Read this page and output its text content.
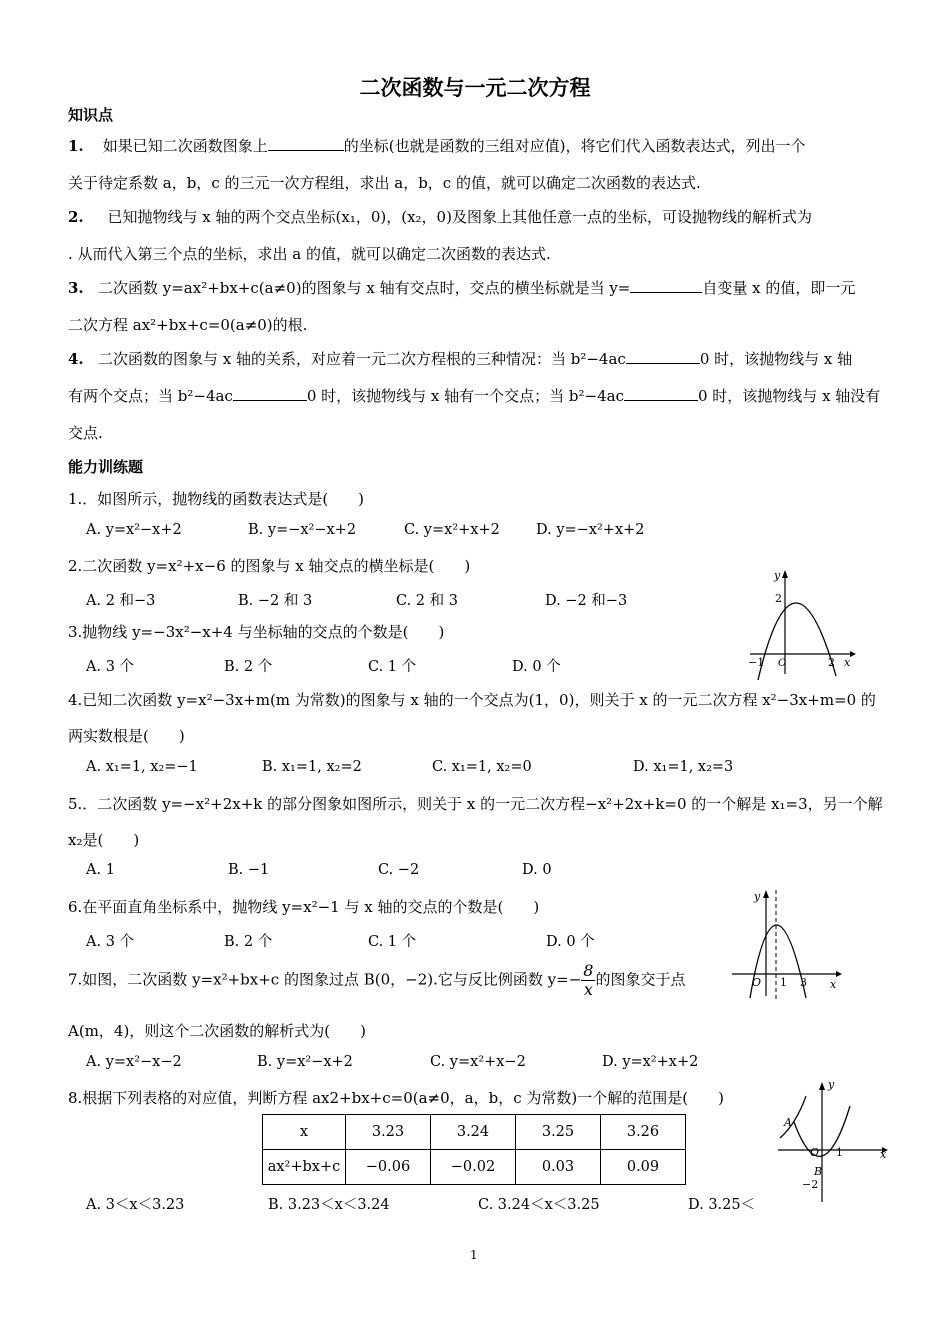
二次函数与一元二次方程
知识点
1. 如果已知二次函数图象上	的坐标(也就是函数的三组对应值)，将它们代入函数表达式，列出一个
关于待定系数 a，b，c 的三元一次方程组，求出 a，b，c 的值，就可以确定二次函数的表达式.
2. 已知抛物线与 x 轴的两个交点坐标(x₁，0)，(x₂，0)及图象上其他任意一点的坐标，可设抛物线的解析式为
. 从而代入第三个点的坐标，求出 a 的值，就可以确定二次函数的表达式.
3. 二次函数 y=ax²+bx+c(a≠0)的图象与 x 轴有交点时，交点的横坐标就是当 y=	自变量 x 的值，即一元
二次方程 ax²+bx+c=0(a≠0)的根.
4. 二次函数的图象与 x 轴的关系，对应着一元二次方程根的三种情况：当 b²−4ac	0 时，该抛物线与 x 轴
有两个交点；当 b²−4ac	0 时，该抛物线与 x 轴有一个交点；当 b²−4ac	0 时，该抛物线与 x 轴没有
交点.
能力训练题
1.．如图所示，抛物线的函数表达式是(　　)
A. y=x²−x+2	B. y=−x²−x+2	C. y=x²+x+2 D. y=−x²+x+2
2.二次函数 y=x²+x−6 的图象与 x 轴交点的横坐标是(　　)
A. 2 和−3	B. −2 和 3	C. 2 和 3	D. −2 和−3
3.抛物线 y=−3x²−x+4 与坐标轴的交点的个数是(　　)
A. 3 个	B. 2 个	C. 1 个	D. 0 个
y
2
−1 O	2 x
4.已知二次函数 y=x²−3x+m(m 为常数)的图象与 x 轴的一个交点为(1，0)，则关于 x 的一元二次方程 x²−3x+m=0 的
两实数根是(　　)
A. x₁=1, x₂=−1	B. x₁=1, x₂=2	C. x₁=1, x₂=0	D. x₁=1, x₂=3
5.．二次函数 y=−x²+2x+k 的部分图象如图所示，则关于 x 的一元二次方程−x²+2x+k=0 的一个解是 x₁=3，另一个解
x₂是(　　)
A. 1	B. −1	C. −2	D. 0
6.在平面直角坐标系中，抛物线 y=x²−1 与 x 轴的交点的个数是(　　)
A. 3 个	B. 2 个	C. 1 个	D. 0 个
y
O 1 3 x
7.如图，二次函数 y=x²+bx+c 的图象过点 B(0，−2).它与反比例函数 $y=- \frac{8}{x}$ 的图象交于点
A(m，4)，则这个二次函数的解析式为(　　)
A. y=x²−x−2	B. y=x²−x+2	C. y=x²+x−2	D. y=x²+x+2
8.根据下列表格的对应值，判断方程 ax2+bx+c=0(a≠0，a，b，c 为常数)一个解的范围是(　　)
x	3.23	3.24	3.25	3.26
ax²+bx+c	−0.06	−0.02	0.03	0.09
A. 3＜x＜3.23	B. 3.23＜x＜3.24	C. 3.24＜x＜3.25	D. 3.25＜
y
A
O 1
B
−2
x
1
